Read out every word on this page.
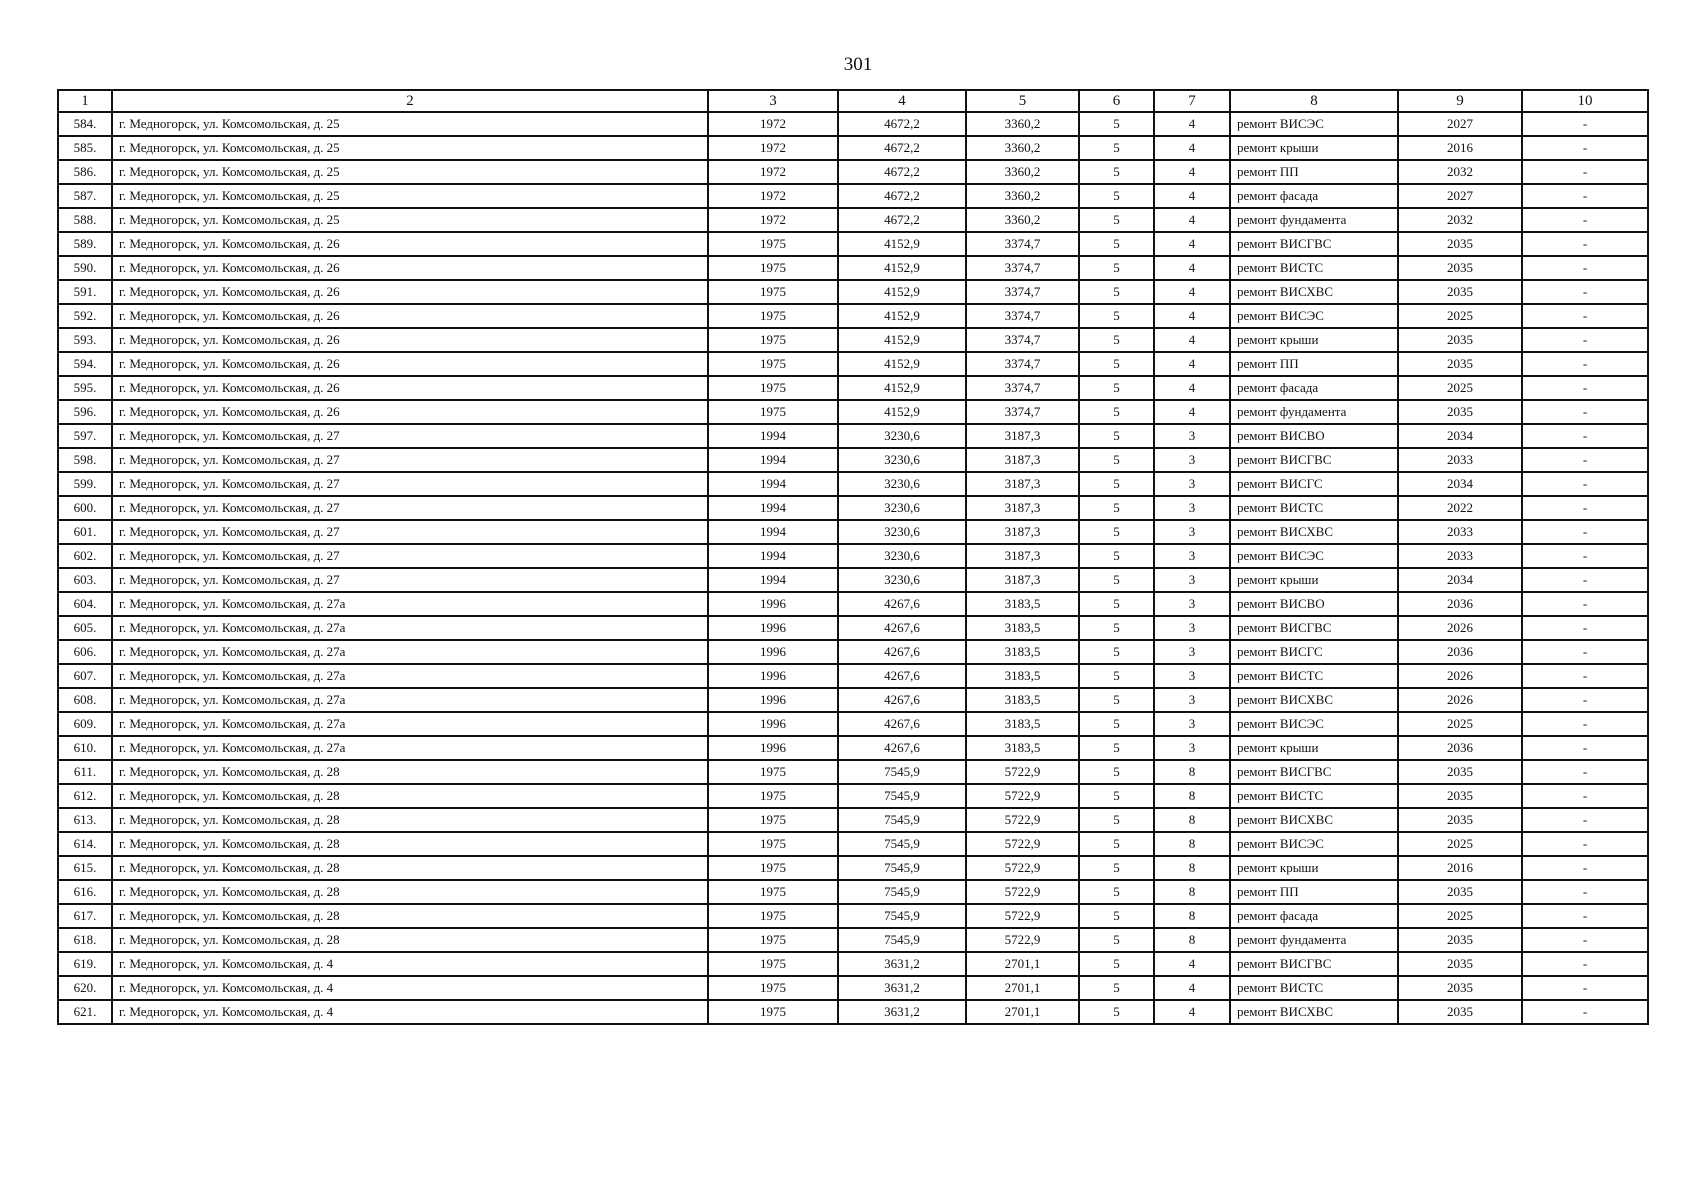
301
1	2	3	4	5	6	7	8	9	10
584.	г. Медногорск, ул. Комсомольская, д. 25	1972	4672,2	3360,2	5	4	ремонт ВИСЭС	2027	-
585.	г. Медногорск, ул. Комсомольская, д. 25	1972	4672,2	3360,2	5	4	ремонт крыши	2016	-
586.	г. Медногорск, ул. Комсомольская, д. 25	1972	4672,2	3360,2	5	4	ремонт ПП	2032	-
587.	г. Медногорск, ул. Комсомольская, д. 25	1972	4672,2	3360,2	5	4	ремонт фасада	2027	-
588.	г. Медногорск, ул. Комсомольская, д. 25	1972	4672,2	3360,2	5	4	ремонт фундамента	2032	-
589.	г. Медногорск, ул. Комсомольская, д. 26	1975	4152,9	3374,7	5	4	ремонт ВИСГВС	2035	-
590.	г. Медногорск, ул. Комсомольская, д. 26	1975	4152,9	3374,7	5	4	ремонт ВИСТС	2035	-
591.	г. Медногорск, ул. Комсомольская, д. 26	1975	4152,9	3374,7	5	4	ремонт ВИСХВС	2035	-
592.	г. Медногорск, ул. Комсомольская, д. 26	1975	4152,9	3374,7	5	4	ремонт ВИСЭС	2025	-
593.	г. Медногорск, ул. Комсомольская, д. 26	1975	4152,9	3374,7	5	4	ремонт крыши	2035	-
594.	г. Медногорск, ул. Комсомольская, д. 26	1975	4152,9	3374,7	5	4	ремонт ПП	2035	-
595.	г. Медногорск, ул. Комсомольская, д. 26	1975	4152,9	3374,7	5	4	ремонт фасада	2025	-
596.	г. Медногорск, ул. Комсомольская, д. 26	1975	4152,9	3374,7	5	4	ремонт фундамента	2035	-
597.	г. Медногорск, ул. Комсомольская, д. 27	1994	3230,6	3187,3	5	3	ремонт ВИСВО	2034	-
598.	г. Медногорск, ул. Комсомольская, д. 27	1994	3230,6	3187,3	5	3	ремонт ВИСГВС	2033	-
599.	г. Медногорск, ул. Комсомольская, д. 27	1994	3230,6	3187,3	5	3	ремонт ВИСГС	2034	-
600.	г. Медногорск, ул. Комсомольская, д. 27	1994	3230,6	3187,3	5	3	ремонт ВИСТС	2022	-
601.	г. Медногорск, ул. Комсомольская, д. 27	1994	3230,6	3187,3	5	3	ремонт ВИСХВС	2033	-
602.	г. Медногорск, ул. Комсомольская, д. 27	1994	3230,6	3187,3	5	3	ремонт ВИСЭС	2033	-
603.	г. Медногорск, ул. Комсомольская, д. 27	1994	3230,6	3187,3	5	3	ремонт крыши	2034	-
604.	г. Медногорск, ул. Комсомольская, д. 27а	1996	4267,6	3183,5	5	3	ремонт ВИСВО	2036	-
605.	г. Медногорск, ул. Комсомольская, д. 27а	1996	4267,6	3183,5	5	3	ремонт ВИСГВС	2026	-
606.	г. Медногорск, ул. Комсомольская, д. 27а	1996	4267,6	3183,5	5	3	ремонт ВИСГС	2036	-
607.	г. Медногорск, ул. Комсомольская, д. 27а	1996	4267,6	3183,5	5	3	ремонт ВИСТС	2026	-
608.	г. Медногорск, ул. Комсомольская, д. 27а	1996	4267,6	3183,5	5	3	ремонт ВИСХВС	2026	-
609.	г. Медногорск, ул. Комсомольская, д. 27а	1996	4267,6	3183,5	5	3	ремонт ВИСЭС	2025	-
610.	г. Медногорск, ул. Комсомольская, д. 27а	1996	4267,6	3183,5	5	3	ремонт крыши	2036	-
611.	г. Медногорск, ул. Комсомольская, д. 28	1975	7545,9	5722,9	5	8	ремонт ВИСГВС	2035	-
612.	г. Медногорск, ул. Комсомольская, д. 28	1975	7545,9	5722,9	5	8	ремонт ВИСТС	2035	-
613.	г. Медногорск, ул. Комсомольская, д. 28	1975	7545,9	5722,9	5	8	ремонт ВИСХВС	2035	-
614.	г. Медногорск, ул. Комсомольская, д. 28	1975	7545,9	5722,9	5	8	ремонт ВИСЭС	2025	-
615.	г. Медногорск, ул. Комсомольская, д. 28	1975	7545,9	5722,9	5	8	ремонт крыши	2016	-
616.	г. Медногорск, ул. Комсомольская, д. 28	1975	7545,9	5722,9	5	8	ремонт ПП	2035	-
617.	г. Медногорск, ул. Комсомольская, д. 28	1975	7545,9	5722,9	5	8	ремонт фасада	2025	-
618.	г. Медногорск, ул. Комсомольская, д. 28	1975	7545,9	5722,9	5	8	ремонт фундамента	2035	-
619.	г. Медногорск, ул. Комсомольская, д. 4	1975	3631,2	2701,1	5	4	ремонт ВИСГВС	2035	-
620.	г. Медногорск, ул. Комсомольская, д. 4	1975	3631,2	2701,1	5	4	ремонт ВИСТС	2035	-
621.	г. Медногорск, ул. Комсомольская, д. 4	1975	3631,2	2701,1	5	4	ремонт ВИСХВС	2035	-
